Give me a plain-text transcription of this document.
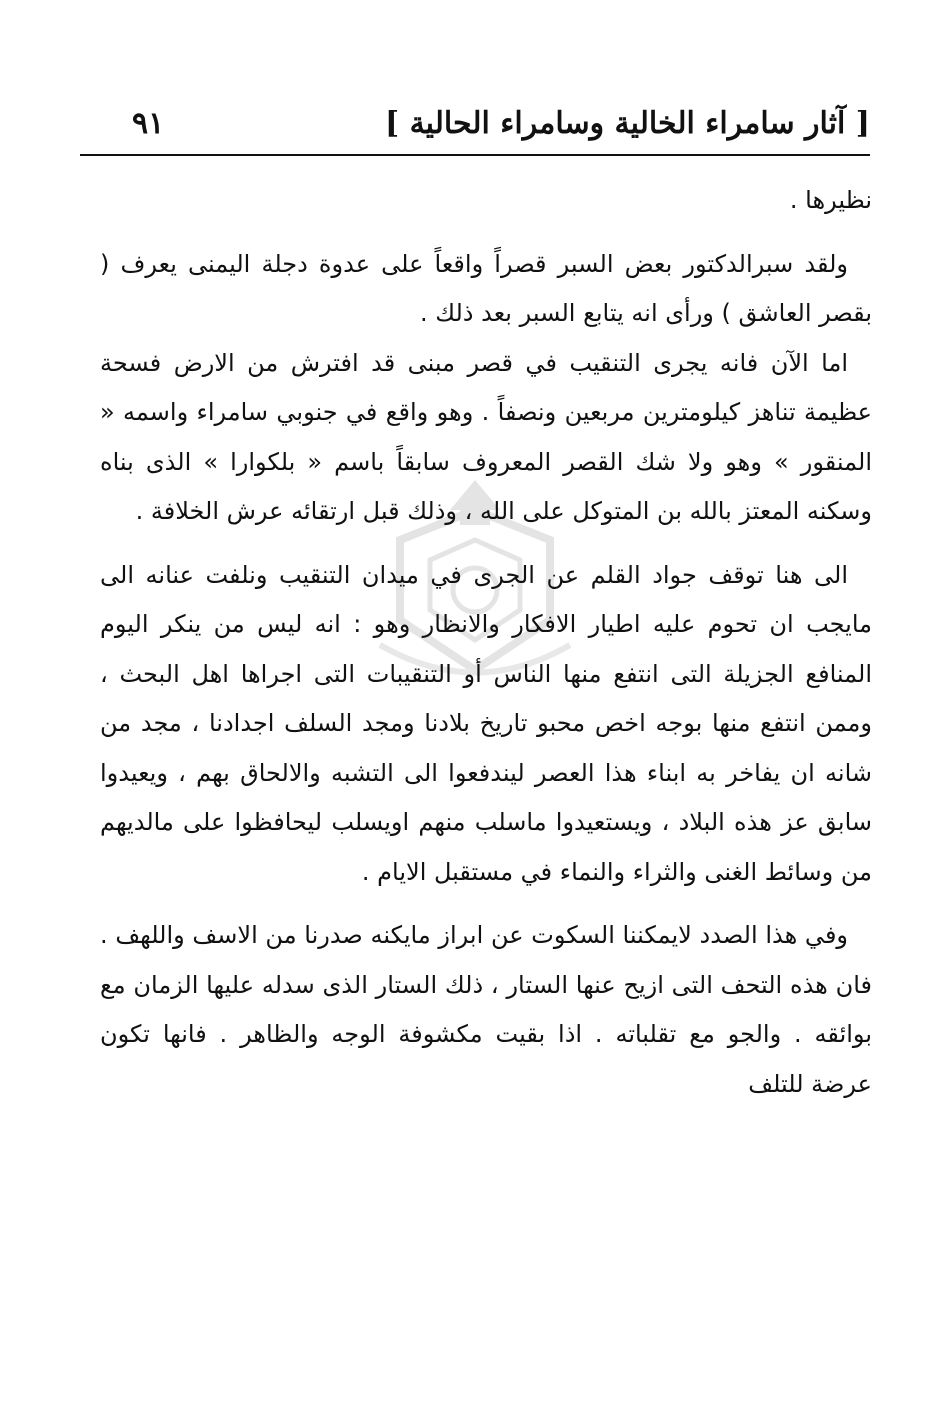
٩١	[ آثار سامراء الخالية وسامراء الحالية ]

نظيرها .

ولقد سبرالدكتور بعض السبر قصراً واقعاً على عدوة دجلة اليمنى يعرف ( بقصر العاشق ) ورأى انه يتابع السبر بعد ذلك .

اما الآن فانه يجرى التنقيب في قصر مبنى قد افترش من الارض فسحة عظيمة تناهز كيلومترين مربعين ونصفاً . وهو واقع في جنوبي سامراء واسمه « المنقور » وهو ولا شك القصر المعروف سابقاً باسم « بلكوارا » الذى بناه وسكنه المعتز بالله بن المتوكل على الله ، وذلك قبل ارتقائه عرش الخلافة .

الى هنا توقف جواد القلم عن الجرى في ميدان التنقيب ونلفت عنانه الى مايجب ان تحوم عليه اطيار الافكار والانظار وهو : انه ليس من ينكر اليوم المنافع الجزيلة التى انتفع منها الناس أو التنقيبات التى اجراها اهل البحث ، وممن انتفع منها بوجه اخص محبو تاريخ بلادنا ومجد السلف اجدادنا ، مجد من شانه ان يفاخر به ابناء هذا العصر ليندفعوا الى التشبه والالحاق بهم ، ويعيدوا سابق عز هذه البلاد ، ويستعيدوا ماسلب منهم اويسلب ليحافظوا على مالديهم من وسائط الغنى والثراء والنماء في مستقبل الايام .

وفي هذا الصدد لايمكننا السكوت عن ابراز مايكنه صدرنا من الاسف واللهف . فان هذه التحف التى ازيح عنها الستار ، ذلك الستار الذى سدله عليها الزمان مع بوائقه . والجو مع تقلباته . اذا بقيت مكشوفة الوجه والظاهر . فانها تكون عرضة للتلف
